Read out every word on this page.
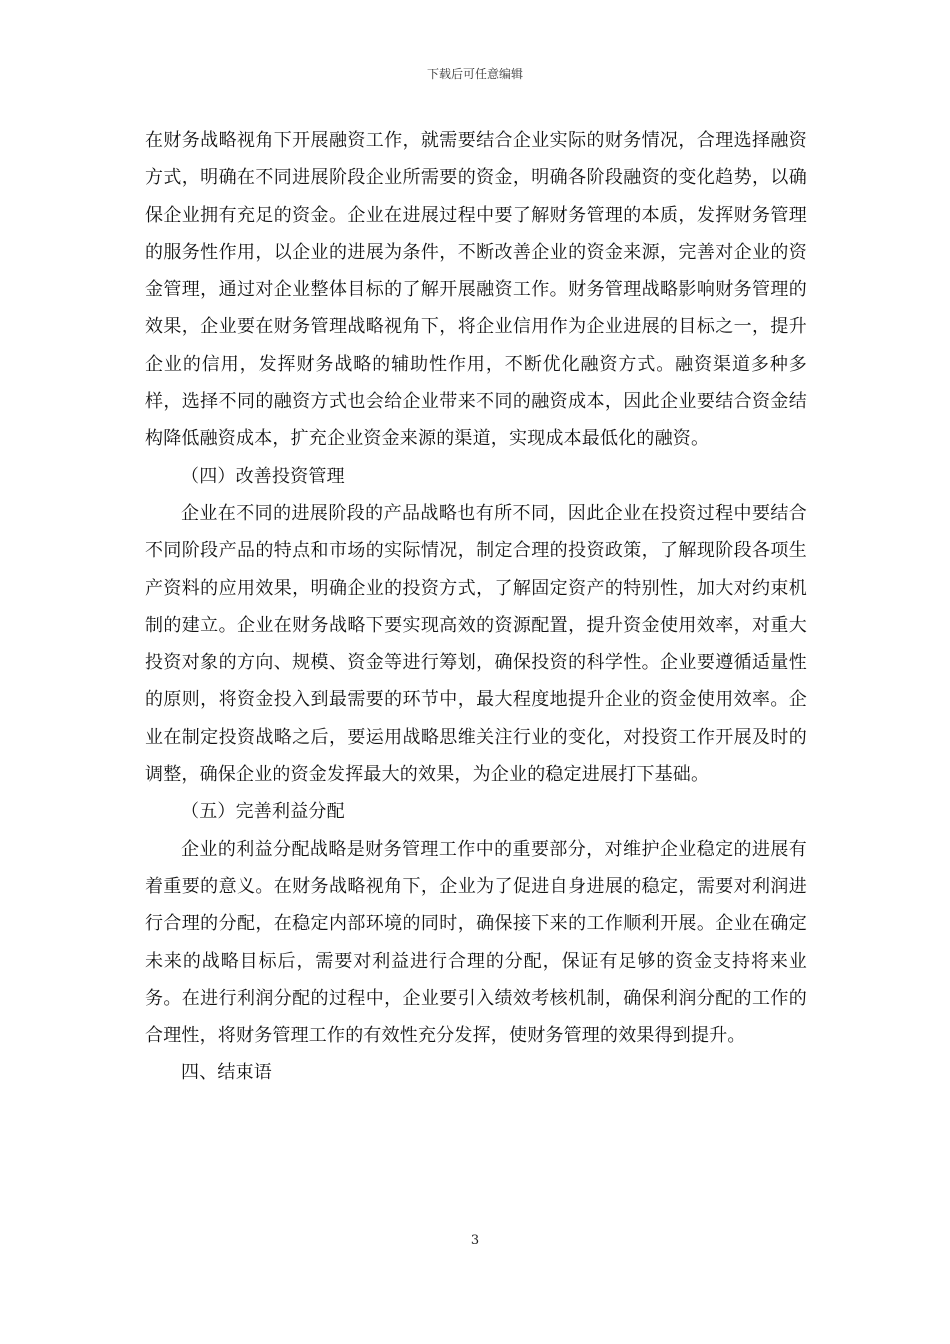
下载后可任意编辑

在财务战略视角下开展融资工作，就需要结合企业实际的财务情况，合理选择融资方式，明确在不同进展阶段企业所需要的资金，明确各阶段融资的变化趋势，以确保企业拥有充足的资金。企业在进展过程中要了解财务管理的本质，发挥财务管理的服务性作用，以企业的进展为条件，不断改善企业的资金来源，完善对企业的资金管理，通过对企业整体目标的了解开展融资工作。财务管理战略影响财务管理的效果，企业要在财务管理战略视角下，将企业信用作为企业进展的目标之一，提升企业的信用，发挥财务战略的辅助性作用，不断优化融资方式。融资渠道多种多样，选择不同的融资方式也会给企业带来不同的融资成本，因此企业要结合资金结构降低融资成本，扩充企业资金来源的渠道，实现成本最低化的融资。

（四）改善投资管理

企业在不同的进展阶段的产品战略也有所不同，因此企业在投资过程中要结合不同阶段产品的特点和市场的实际情况，制定合理的投资政策，了解现阶段各项生产资料的应用效果，明确企业的投资方式，了解固定资产的特别性，加大对约束机制的建立。企业在财务战略下要实现高效的资源配置，提升资金使用效率，对重大投资对象的方向、规模、资金等进行筹划，确保投资的科学性。企业要遵循适量性的原则，将资金投入到最需要的环节中，最大程度地提升企业的资金使用效率。企业在制定投资战略之后，要运用战略思维关注行业的变化，对投资工作开展及时的调整，确保企业的资金发挥最大的效果，为企业的稳定进展打下基础。

（五）完善利益分配

企业的利益分配战略是财务管理工作中的重要部分，对维护企业稳定的进展有着重要的意义。在财务战略视角下，企业为了促进自身进展的稳定，需要对利润进行合理的分配，在稳定内部环境的同时，确保接下来的工作顺利开展。企业在确定未来的战略目标后，需要对利益进行合理的分配，保证有足够的资金支持将来业务。在进行利润分配的过程中，企业要引入绩效考核机制，确保利润分配的工作的合理性，将财务管理工作的有效性充分发挥，使财务管理的效果得到提升。

四、结束语

3
